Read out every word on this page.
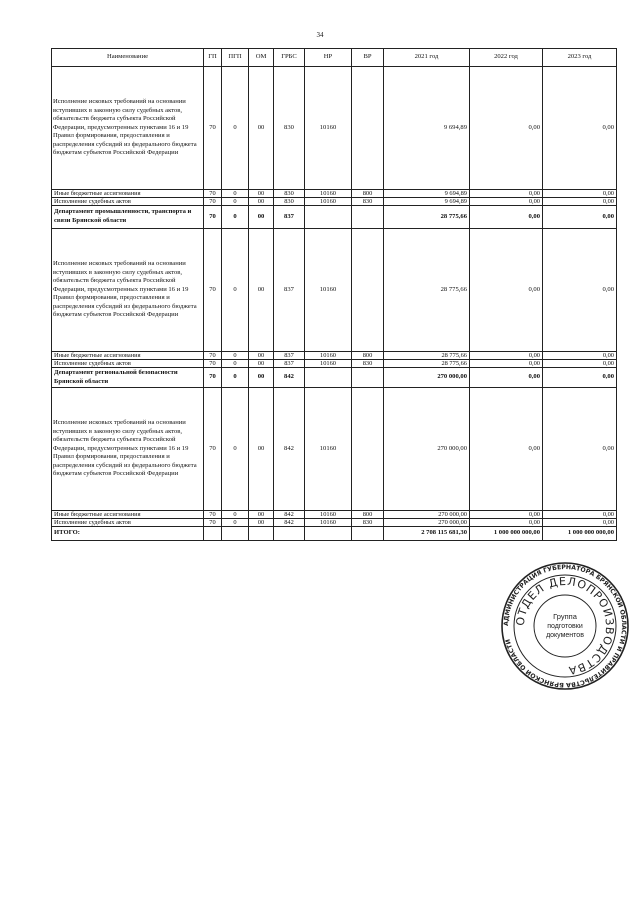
34
Наименование	ГП	ПГП	ОМ	ГРБС	НР	ВР	2021 год	2022 год	2023 год
Исполнение исковых требований на основании вступивших в законную силу судебных актов, обязательств бюджета субъекта Российской Федерации, предусмотренных пунктами 16 и 19 Правил формирования, предоставления и распределения субсидий из федерального бюджета бюджетам субъектов Российской Федерации	70	0	00	830	10160		9 694,89	0,00	0,00
Иные бюджетные ассигнования	70	0	00	830	10160	800	9 694,89	0,00	0,00
Исполнение судебных актов	70	0	00	830	10160	830	9 694,89	0,00	0,00
Департамент промышленности, транспорта и связи Брянской области	70	0	00	837			28 775,66	0,00	0,00
Исполнение исковых требований на основании вступивших в законную силу судебных актов, обязательств бюджета субъекта Российской Федерации, предусмотренных пунктами 16 и 19 Правил формирования, предоставления и распределения субсидий из федерального бюджета бюджетам субъектов Российской Федерации	70	0	00	837	10160		28 775,66	0,00	0,00
Иные бюджетные ассигнования	70	0	00	837	10160	800	28 775,66	0,00	0,00
Исполнение судебных актов	70	0	00	837	10160	830	28 775,66	0,00	0,00
Департамент региональной безопасности Брянской области	70	0	00	842			270 000,00	0,00	0,00
Исполнение исковых требований на основании вступивших в законную силу судебных актов, обязательств бюджета субъекта Российской Федерации, предусмотренных пунктами 16 и 19 Правил формирования, предоставления и распределения субсидий из федерального бюджета бюджетам субъектов Российской Федерации	70	0	00	842	10160		270 000,00	0,00	0,00
Иные бюджетные ассигнования	70	0	00	842	10160	800	270 000,00	0,00	0,00
Исполнение судебных актов	70	0	00	842	10160	830	270 000,00	0,00	0,00
ИТОГО:							2 708 115 681,30	1 000 000 000,00	1 000 000 000,00
АДМИНИСТРАЦИЯ ГУБЕРНАТОРА БРЯНСКОЙ ОБЛАСТИ И ПРАВИТЕЛЬСТВА БРЯНСКОЙ ОБЛАСТИ
ОТДЕЛ ДЕЛОПРОИЗВОДСТВА
Группа
подготовки
документов
